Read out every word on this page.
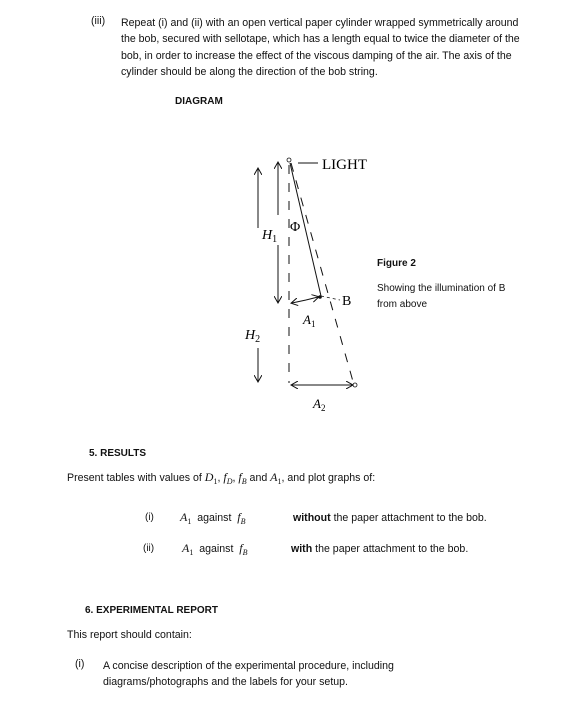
(iii) Repeat (i) and (ii) with an open vertical paper cylinder wrapped symmetrically around the bob, secured with sellotape, which has a length equal to twice the diameter of the bob, in order to increase the effect of the viscous damping of the air. The axis of the cylinder should be along the direction of the bob string.
DIAGRAM
$H_2$
$H_1$
LIGHT
Φ
B
$A_1$
$A_2$
Figure 2
Showing the illumination of B from above
5. RESULTS
Present tables with values of $D_1$, $f_D$, $f_B$ and $A_1$, and plot graphs of:
(i) $A_1$ against $f_B$	without the paper attachment to the bob.
(ii) $A_1$ against $f_B$	with the paper attachment to the bob.
6. EXPERIMENTAL REPORT
This report should contain:
(i) A concise description of the experimental procedure, including diagrams/photographs and the labels for your setup.
